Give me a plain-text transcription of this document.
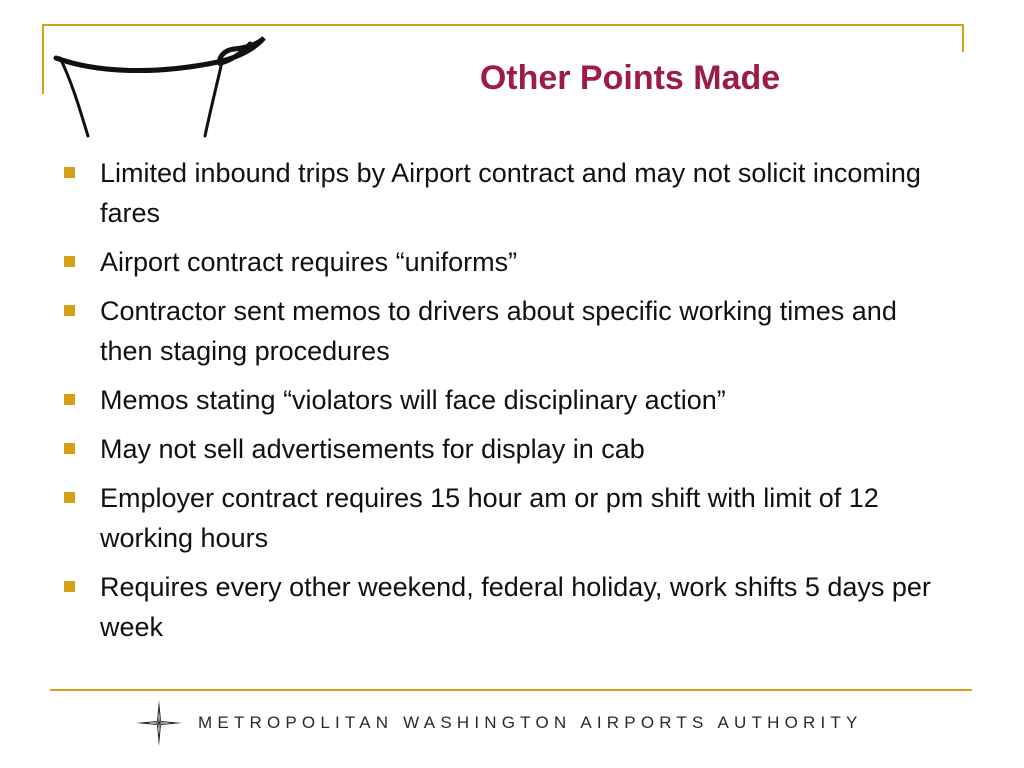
Other Points Made
Limited inbound trips by Airport contract and may not solicit incoming fares
Airport contract requires “uniforms”
Contractor sent memos to drivers about specific working times and then staging procedures
Memos stating “violators will face disciplinary action”
May not sell advertisements for display in cab
Employer contract requires 15 hour am or pm shift with limit of 12 working hours
Requires every other weekend, federal holiday, work shifts 5 days per week
METROPOLITAN WASHINGTON AIRPORTS AUTHORITY
